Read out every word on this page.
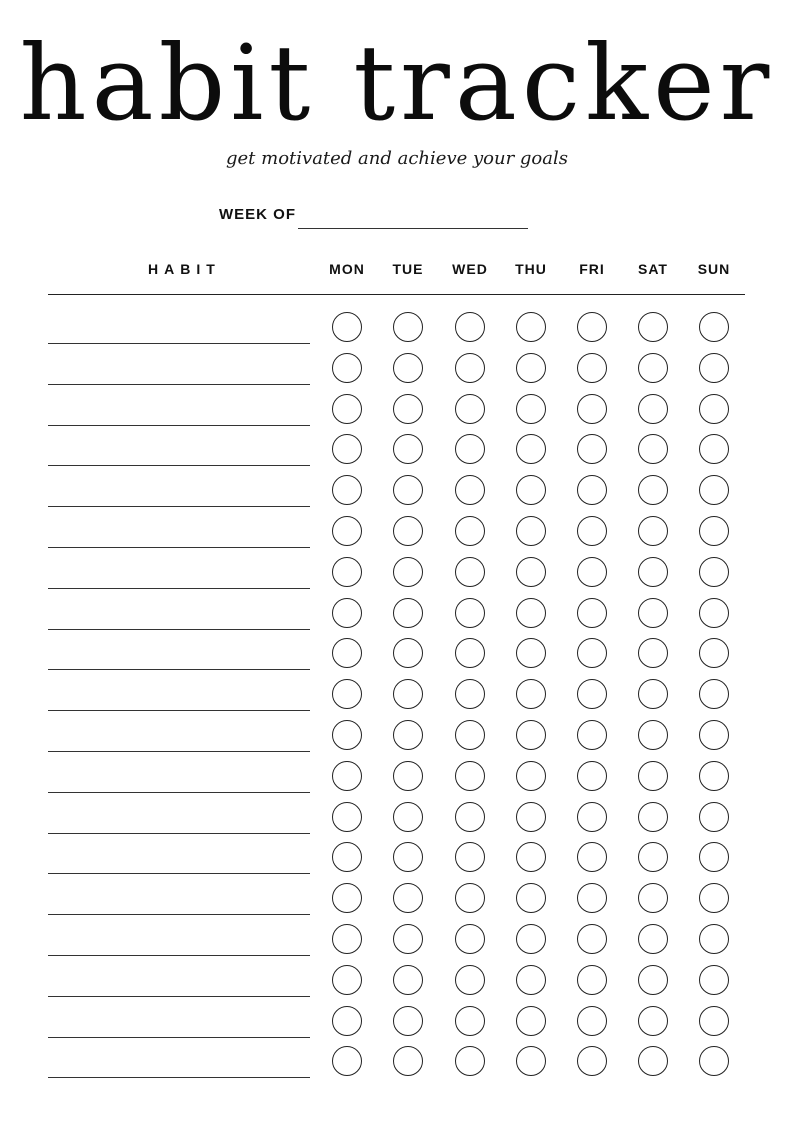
habit tracker
get motivated and achieve your goals
WEEK OF
HABIT	MON	TUE	WED	THU	FRI	SAT	SUN
